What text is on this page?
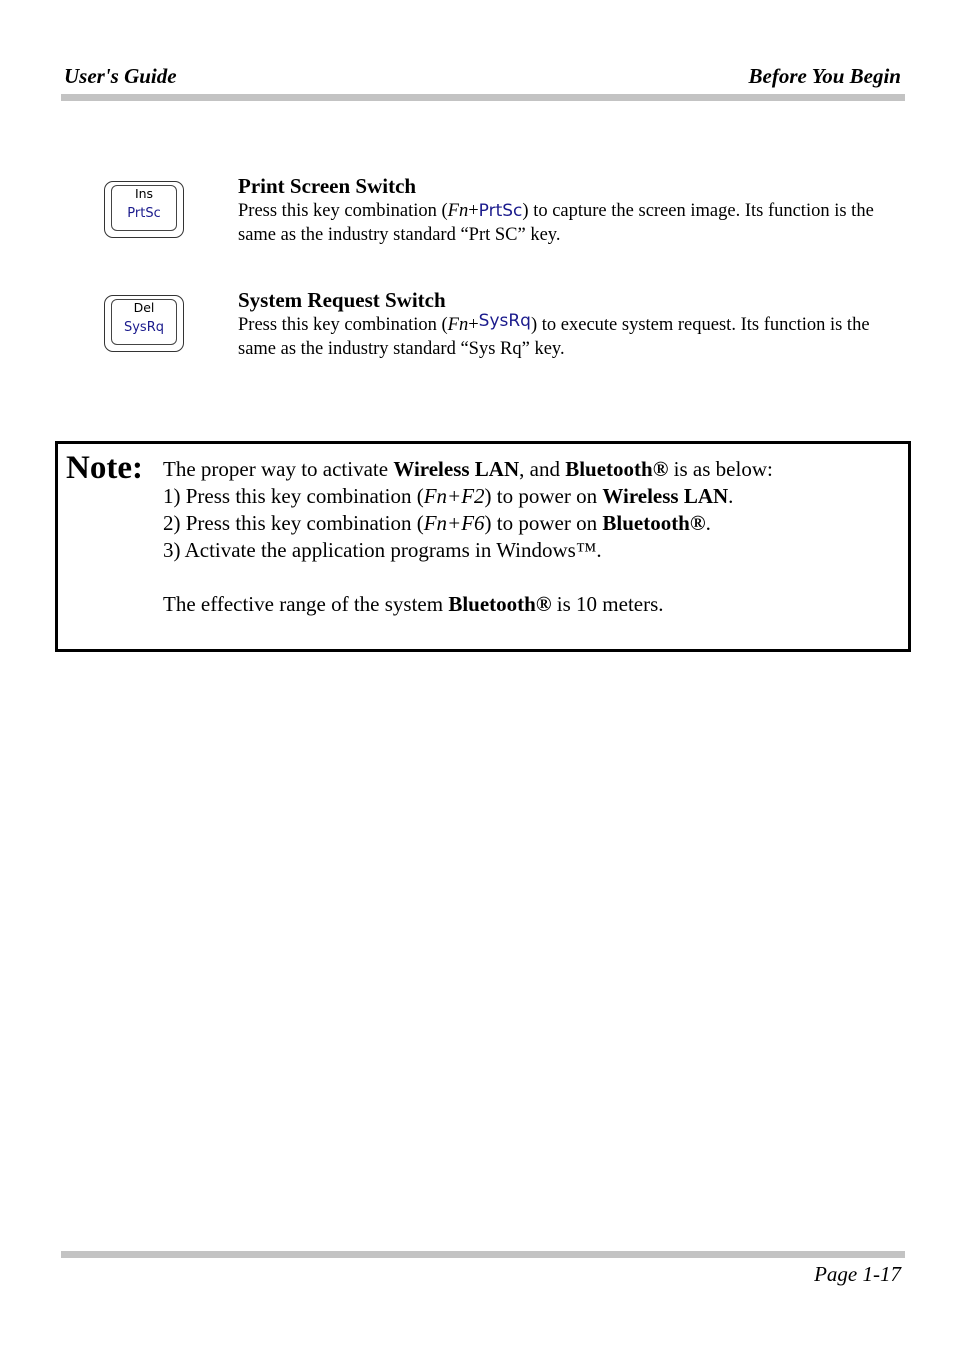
User's Guide	Before You Begin
Ins
PrtSc
Print Screen Switch
Press this key combination (Fn+PrtSc) to capture the screen image. Its function is the same as the industry standard “Prt SC” key.
Del
SysRq
System Request Switch
Press this key combination (Fn+SysRq) to execute system request. Its function is the same as the industry standard “Sys Rq” key.
Note: The proper way to activate Wireless LAN, and Bluetooth® is as below:

1) Press this key combination (Fn+F2) to power on Wireless LAN.

2) Press this key combination (Fn+F6) to power on Bluetooth®.

3) Activate the application programs in Windows™.

The effective range of the system Bluetooth® is 10 meters.

Page 1-17
